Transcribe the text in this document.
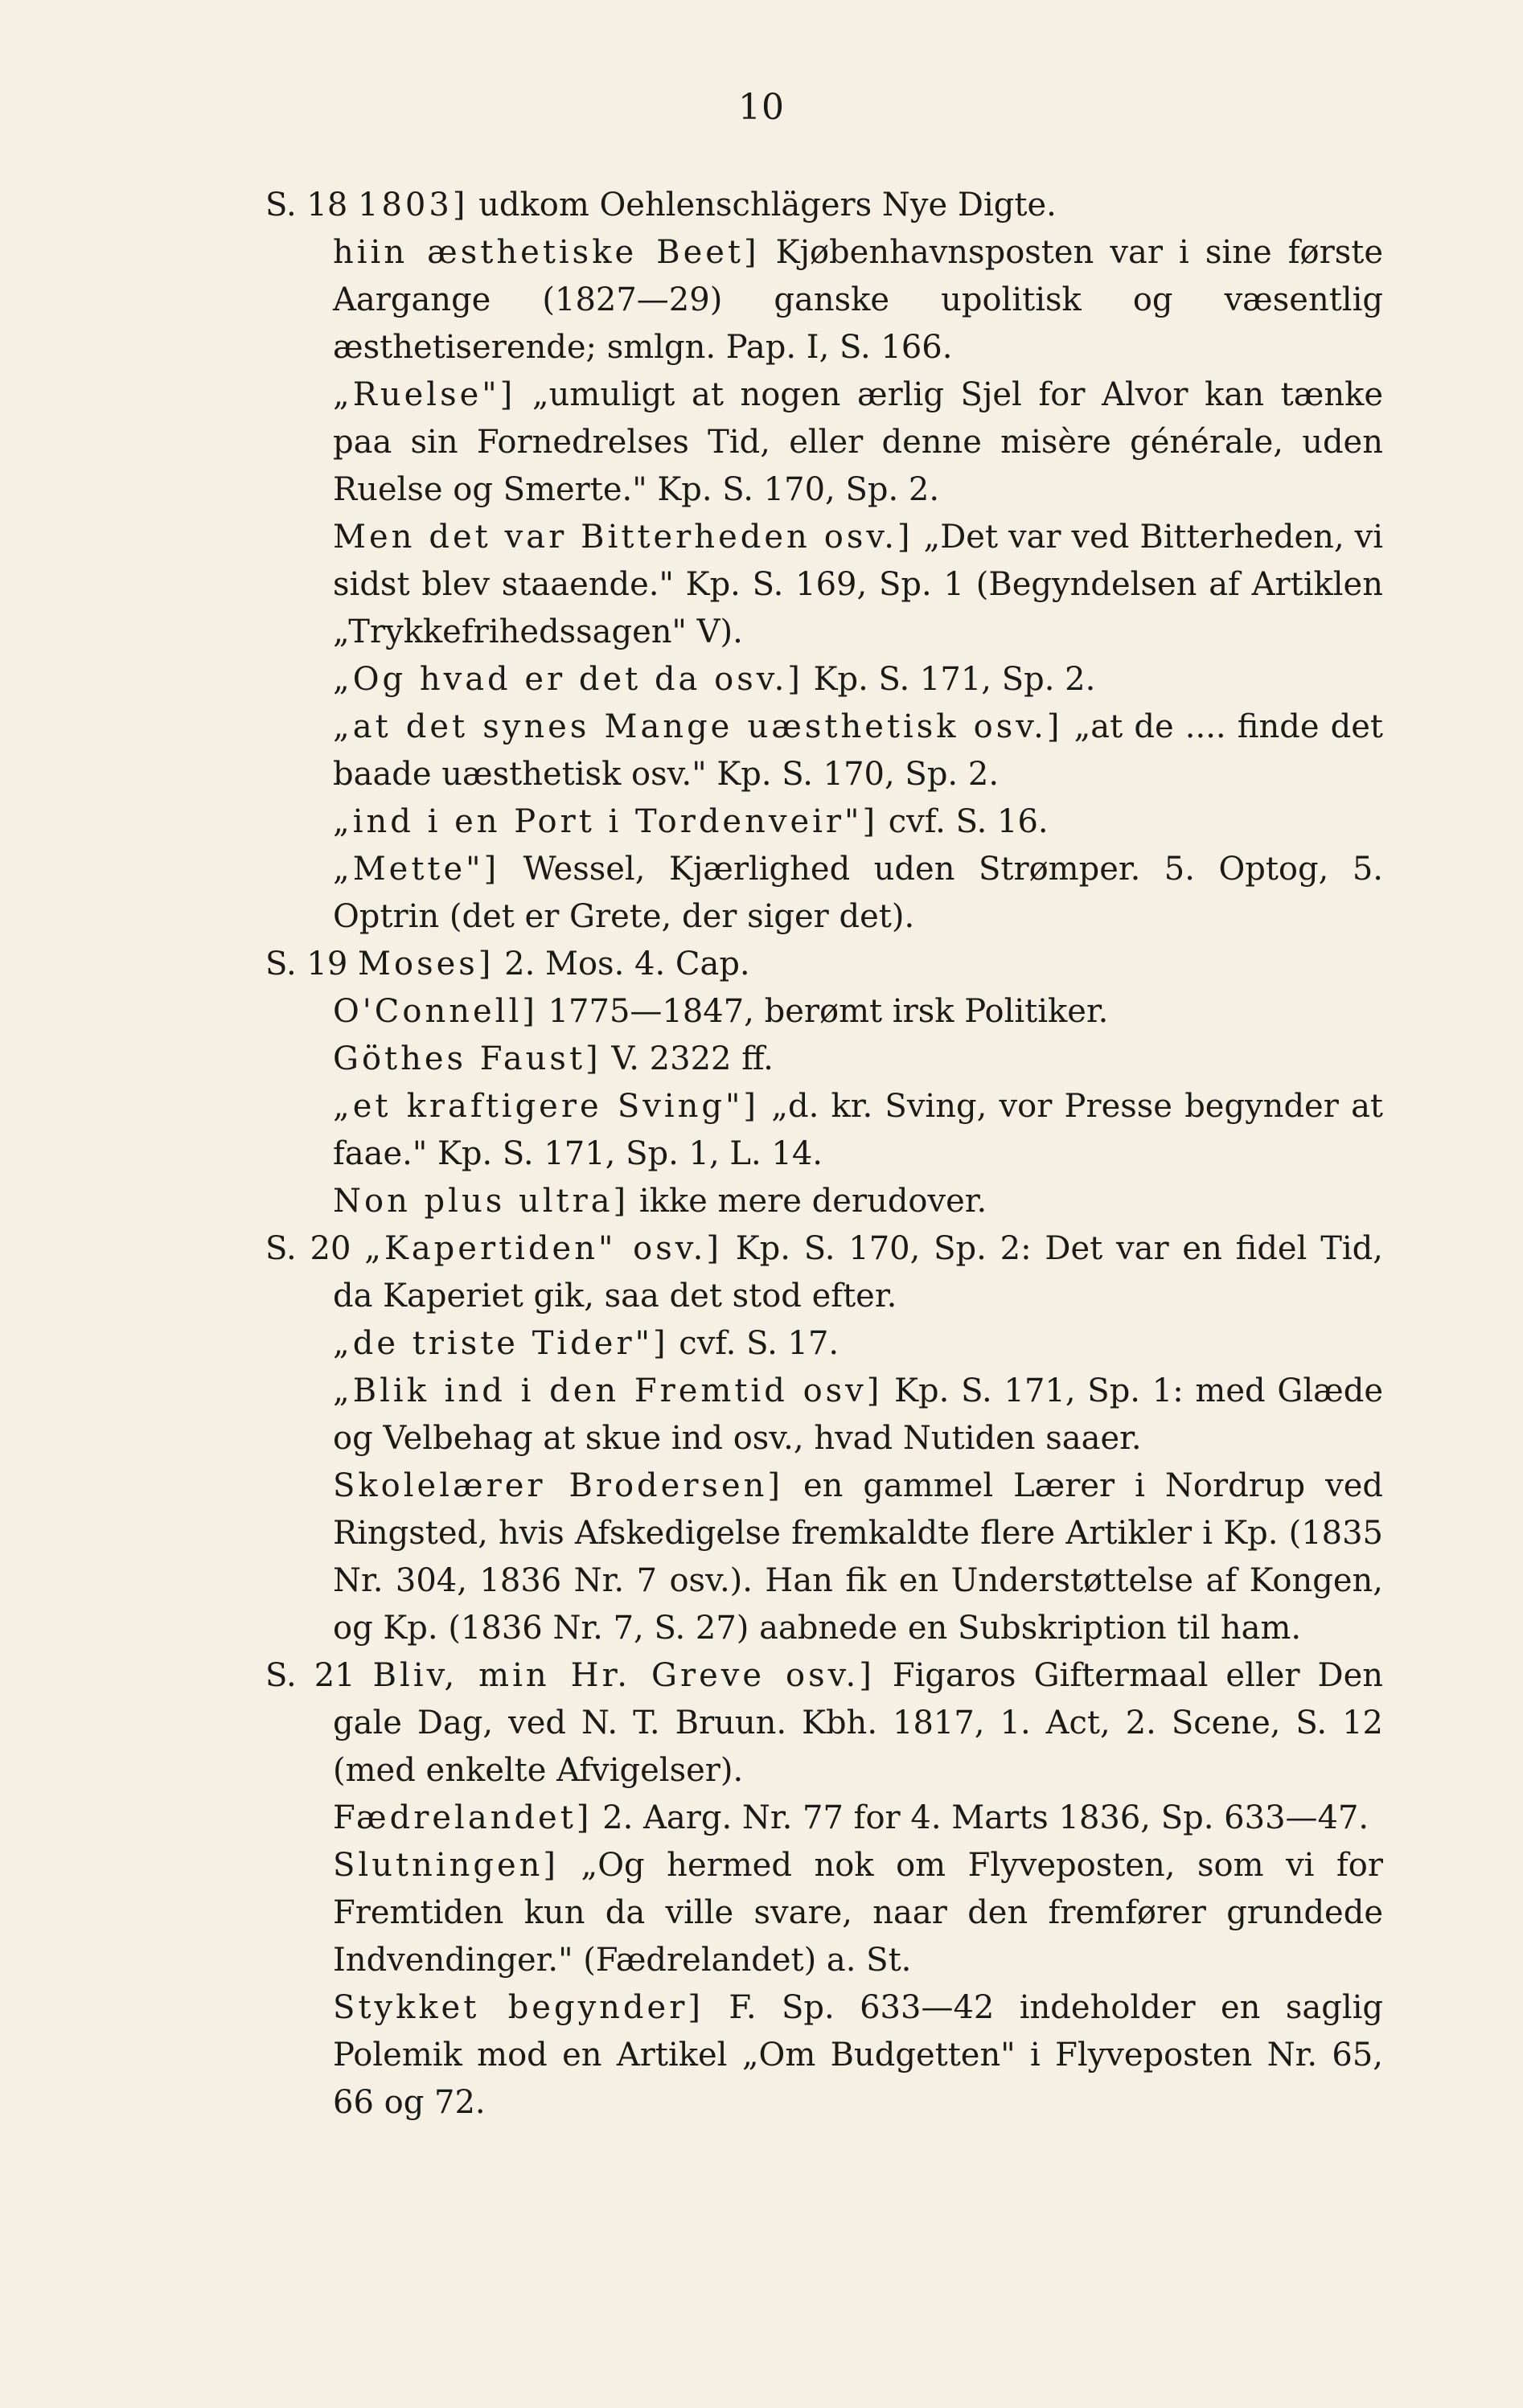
10

S. 18 1803] udkom Oehlenschlägers Nye Digte.

hiin æsthetiske Beet] Kjøbenhavnsposten var i sine første Aargange (1827—29) ganske upolitisk og væsentlig æsthetiserende; smlgn. Pap. I, S. 166.

„Ruelse"] „umuligt at nogen ærlig Sjel for Alvor kan tænke paa sin Fornedrelses Tid, eller denne misère générale, uden Ruelse og Smerte." Kp. S. 170, Sp. 2.

Men det var Bitterheden osv.] „Det var ved Bitterheden, vi sidst blev staaende." Kp. S. 169, Sp. 1 (Begyndelsen af Artiklen „Trykkefrihedssagen" V).

„Og hvad er det da osv.] Kp. S. 171, Sp. 2.

„at det synes Mange uæsthetisk osv.] „at de .... finde det baade uæsthetisk osv." Kp. S. 170, Sp. 2.

„ind i en Port i Tordenveir"] cvf. S. 16.

„Mette"] Wessel, Kjærlighed uden Strømper. 5. Optog, 5. Optrin (det er Grete, der siger det).

S. 19 Moses] 2. Mos. 4. Cap.

O'Connell] 1775—1847, berømt irsk Politiker.

Göthes Faust] V. 2322 ff.

„et kraftigere Sving"] „d. kr. Sving, vor Presse begynder at faae." Kp. S. 171, Sp. 1, L. 14.

Non plus ultra] ikke mere derudover.

S. 20 „Kapertiden" osv.] Kp. S. 170, Sp. 2: Det var en fidel Tid, da Kaperiet gik, saa det stod efter.

„de triste Tider"] cvf. S. 17.

„Blik ind i den Fremtid osv] Kp. S. 171, Sp. 1: med Glæde og Velbehag at skue ind osv., hvad Nutiden saaer.

Skolelærer Brodersen] en gammel Lærer i Nordrup ved Ringsted, hvis Afskedigelse fremkaldte flere Artikler i Kp. (1835 Nr. 304, 1836 Nr. 7 osv.). Han fik en Understøttelse af Kongen, og Kp. (1836 Nr. 7, S. 27) aabnede en Subskription til ham.

S. 21 Bliv, min Hr. Greve osv.] Figaros Giftermaal eller Den gale Dag, ved N. T. Bruun. Kbh. 1817, 1. Act, 2. Scene, S. 12 (med enkelte Afvigelser).

Fædrelandet] 2. Aarg. Nr. 77 for 4. Marts 1836, Sp. 633—47.

Slutningen] „Og hermed nok om Flyveposten, som vi for Fremtiden kun da ville svare, naar den fremfører grundede Indvendinger." (Fædrelandet) a. St.

Stykket begynder] F. Sp. 633—42 indeholder en saglig Polemik mod en Artikel „Om Budgetten" i Flyveposten Nr. 65, 66 og 72.
